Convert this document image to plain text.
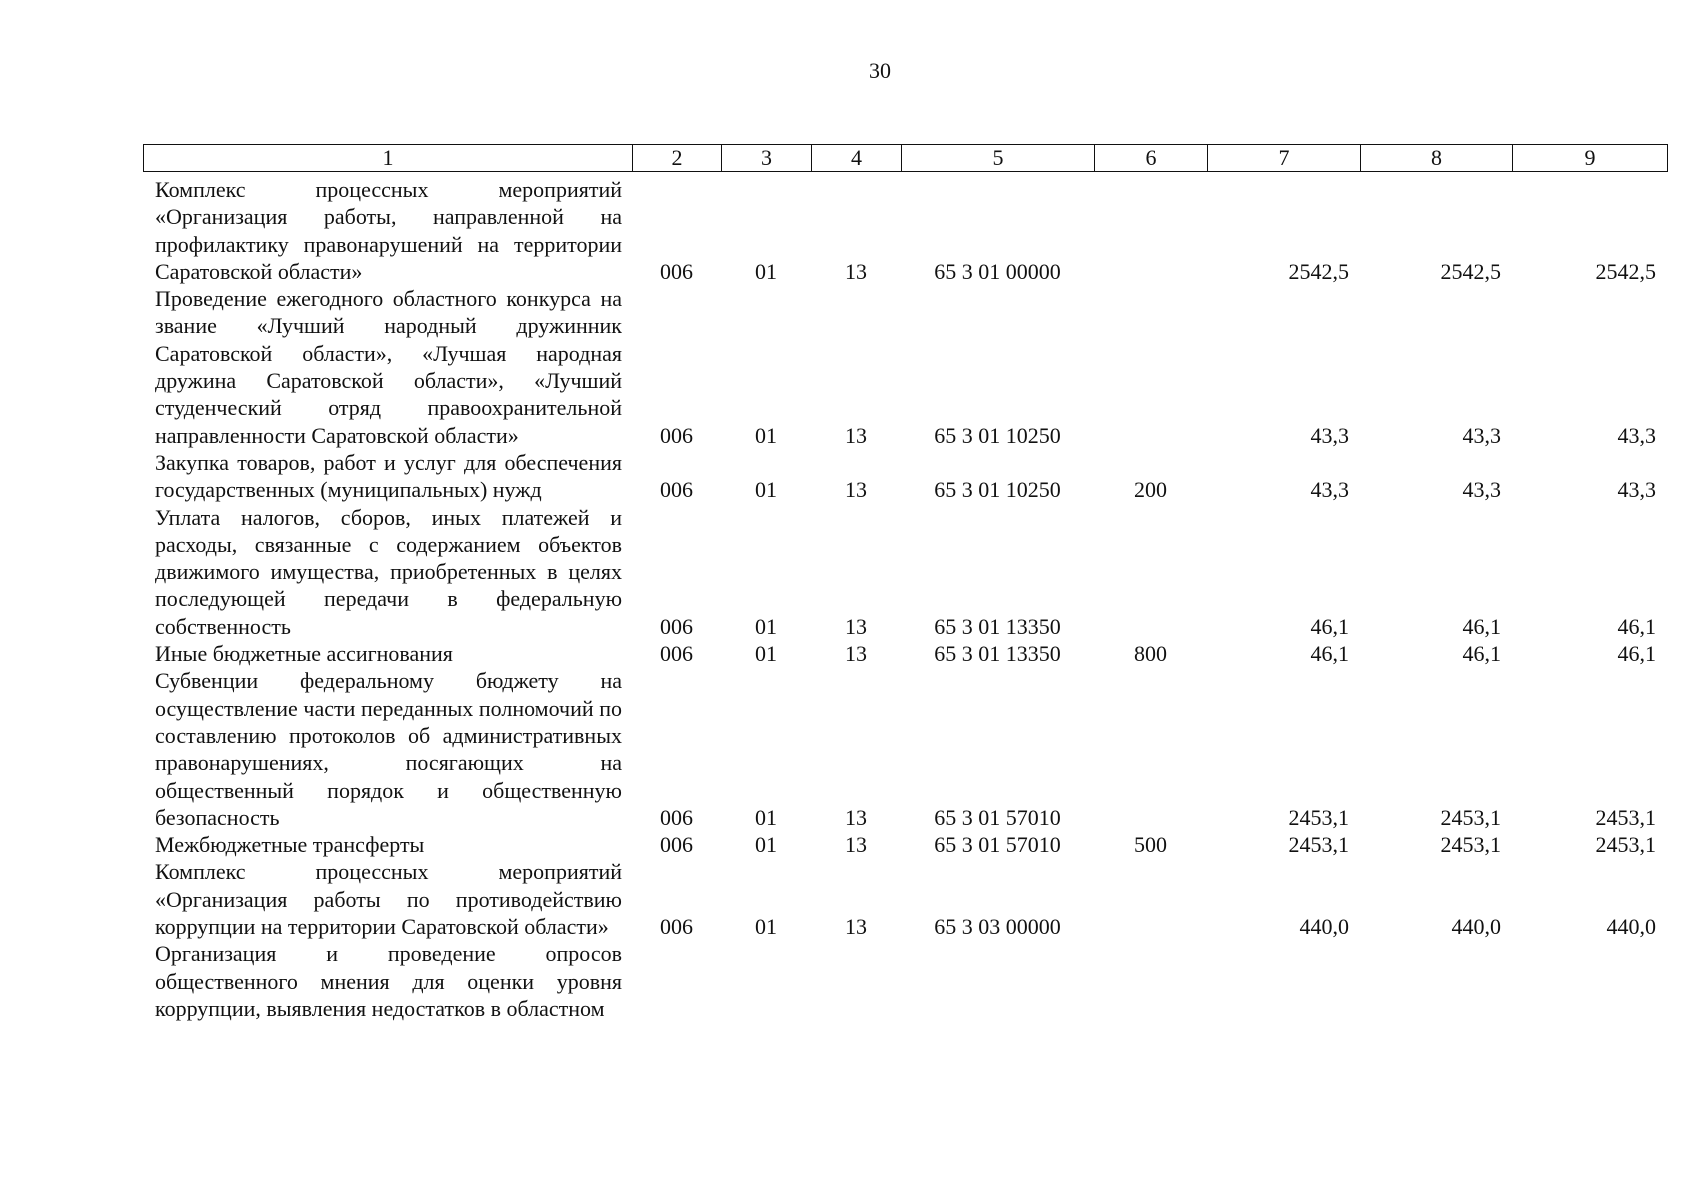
30
1	2	3	4	5	6	7	8	9
Комплекс процессных мероприятий «Организация работы, направленной на профилактику правонарушений на территории Саратовской области»	006	01	13	65 3 01 00000		2542,5	2542,5	2542,5
Проведение ежегодного областного конкурса на звание «Лучший народный дружинник Саратовской области», «Лучшая народная дружина Саратовской области», «Лучший студенческий отряд правоохранительной направленности Саратовской области»	006	01	13	65 3 01 10250		43,3	43,3	43,3
Закупка товаров, работ и услуг для обеспечения государственных (муниципальных) нужд	006	01	13	65 3 01 10250	200	43,3	43,3	43,3
Уплата налогов, сборов, иных платежей и расходы, связанные с содержанием объектов движимого имущества, приобретенных в целях последующей передачи в федеральную собственность	006	01	13	65 3 01 13350		46,1	46,1	46,1
Иные бюджетные ассигнования	006	01	13	65 3 01 13350	800	46,1	46,1	46,1
Субвенции федеральному бюджету на осуществление части переданных полномочий по составлению протоколов об административных правонарушениях, посягающих на общественный порядок и общественную безопасность	006	01	13	65 3 01 57010		2453,1	2453,1	2453,1
Межбюджетные трансферты	006	01	13	65 3 01 57010	500	2453,1	2453,1	2453,1
Комплекс процессных мероприятий «Организация работы по противодействию коррупции на территории Саратовской области»	006	01	13	65 3 03 00000		440,0	440,0	440,0
Организация и проведение опросов общественного мнения для оценки уровня коррупции, выявления недостатков в областном								
